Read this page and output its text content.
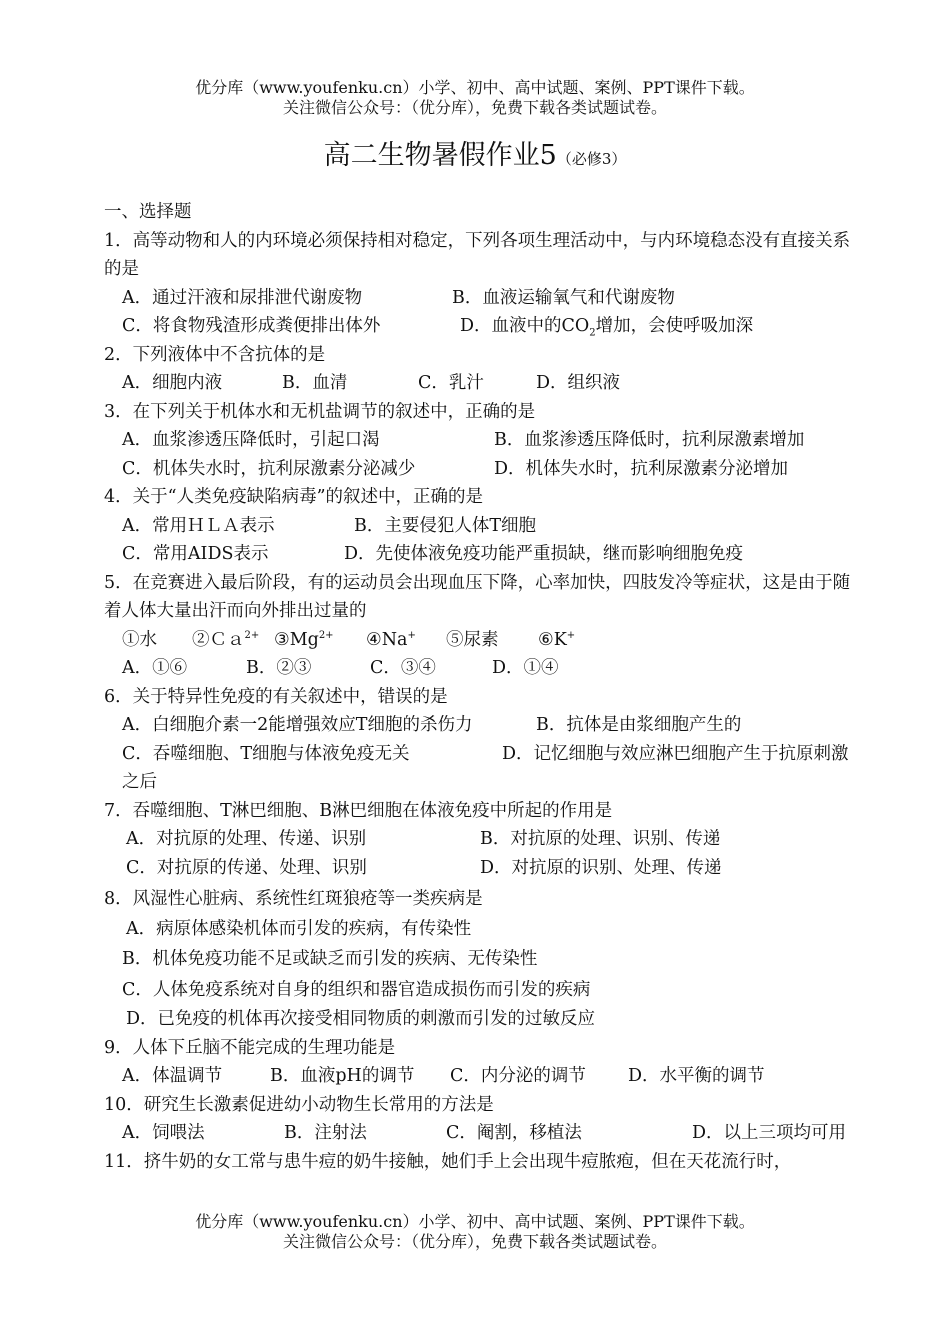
优分库（www.youfenku.cn）小学、初中、高中试题、案例、PPT课件下载。
关注微信公众号：（优分库），免费下载各类试题试卷。
高二生物暑假作业5（必修3）
一、选择题
1．高等动物和人的内环境必须保持相对稳定，下列各项生理活动中，与内环境稳态没有直接关系的是
A．通过汗液和尿排泄代谢废物	B．血液运输氧气和代谢废物
C．将食物残渣形成粪便排出体外	D．血液中的$CO_2$增加，会使呼吸加深
2．下列液体中不含抗体的是
A．细胞内液	B．血清	C．乳汁	D．组织液
3．在下列关于机体水和无机盐调节的叙述中，正确的是
A．血浆渗透压降低时，引起口渴	B．血浆渗透压降低时，抗利尿激素增加
C．机体失水时，抗利尿激素分泌减少	D．机体失水时，抗利尿激素分泌增加
4．关于“人类免疫缺陷病毒”的叙述中，正确的是
A．常用ＨＬＡ表示	B．主要侵犯人体T细胞
C．常用AIDS表示	D．先使体液免疫功能严重损缺，继而影响细胞免疫
5．在竞赛进入最后阶段，有的运动员会出现血压下降，心率加快，四肢发冷等症状，这是由于随着人体大量出汗而向外排出过量的
①水 ②Ｃａ$^{2+}$ $③Mg^{2+}$ ④Na+ ⑤尿素 ⑥K+
A．①⑥	B．②③	C．③④	D．①④
6．关于特异性免疫的有关叙述中，错误的是
A．白细胞介素一2能增强效应T细胞的杀伤力	B．抗体是由浆细胞产生的
C．吞噬细胞、T细胞与体液免疫无关	D．记忆细胞与效应淋巴细胞产生于抗原刺激之后
7．吞噬细胞、T淋巴细胞、B淋巴细胞在体液免疫中所起的作用是
A．对抗原的处理、传递、识别	B．对抗原的处理、识别、传递
C．对抗原的传递、处理、识别	D．对抗原的识别、处理、传递
8．风湿性心脏病、系统性红斑狼疮等一类疾病是
A．病原体感染机体而引发的疾病，有传染性
B．机体免疫功能不足或缺乏而引发的疾病、无传染性
C．人体免疫系统对自身的组织和器官造成损伤而引发的疾病
D．已免疫的机体再次接受相同物质的刺激而引发的过敏反应
9．人体下丘脑不能完成的生理功能是
A．体温调节	B．血液pH的调节 C．内分泌的调节 D．水平衡的调节
10．研究生长激素促进幼小动物生长常用的方法是
A．饲喂法	B．注射法	C．阉割，移植法	D．以上三项均可用
11．挤牛奶的女工常与患牛痘的奶牛接触，她们手上会出现牛痘脓疱，但在天花流行时，
优分库（www.youfenku.cn）小学、初中、高中试题、案例、PPT课件下载。
关注微信公众号：（优分库），免费下载各类试题试卷。
